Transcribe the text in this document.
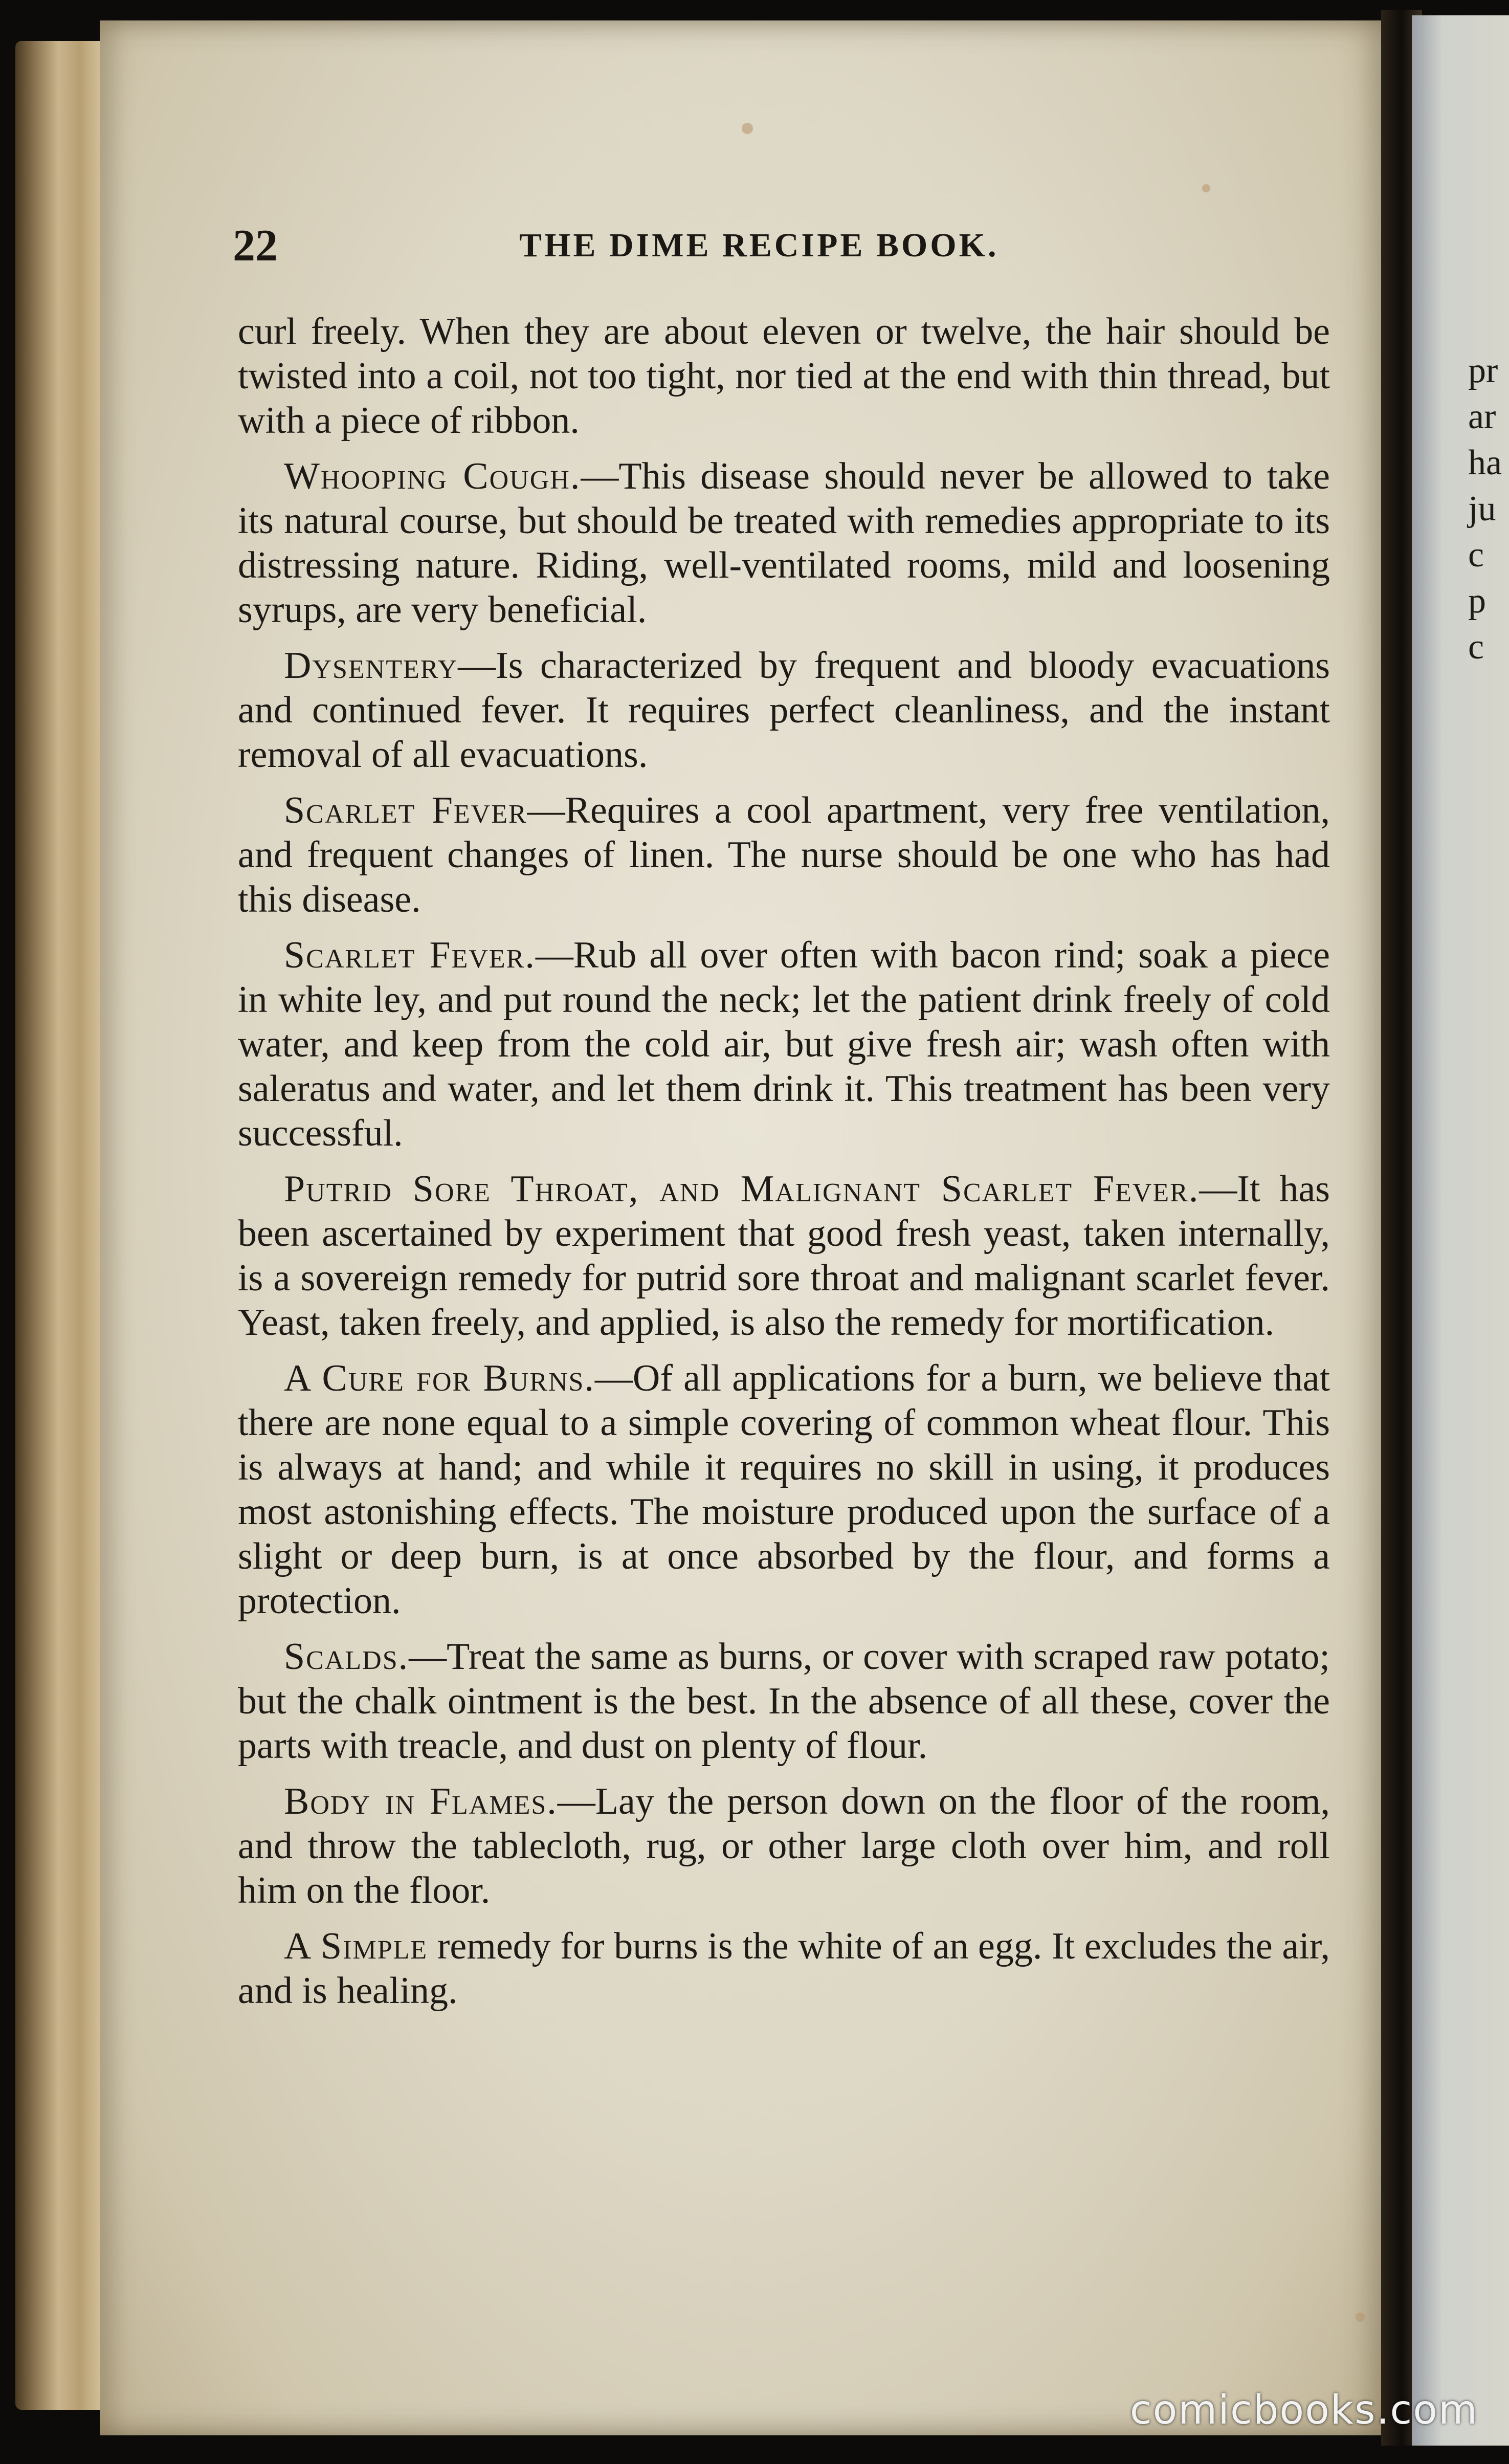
pr
ar
ha
ju
c
p
c
22	THE DIME RECIPE BOOK.

curl freely. When they are about eleven or twelve, the hair should be twisted into a coil, not too tight, nor tied at the end with thin thread, but with a piece of ribbon.

Whooping Cough.—This disease should never be allowed to take its natural course, but should be treated with remedies appropriate to its distressing nature. Riding, well-ventilated rooms, mild and loosening syrups, are very beneficial.

Dysentery—Is characterized by frequent and bloody evacuations and continued fever. It requires perfect cleanliness, and the instant removal of all evacuations.

Scarlet Fever—Requires a cool apartment, very free ventilation, and frequent changes of linen. The nurse should be one who has had this disease.

Scarlet Fever.—Rub all over often with bacon rind; soak a piece in white ley, and put round the neck; let the patient drink freely of cold water, and keep from the cold air, but give fresh air; wash often with saleratus and water, and let them drink it. This treatment has been very successful.

Putrid Sore Throat, and Malignant Scarlet Fever.—It has been ascertained by experiment that good fresh yeast, taken internally, is a sovereign remedy for putrid sore throat and malignant scarlet fever. Yeast, taken freely, and applied, is also the remedy for mortification.

A Cure for Burns.—Of all applications for a burn, we believe that there are none equal to a simple covering of common wheat flour. This is always at hand; and while it requires no skill in using, it produces most astonishing effects. The moisture produced upon the surface of a slight or deep burn, is at once absorbed by the flour, and forms a protection.

Scalds.—Treat the same as burns, or cover with scraped raw potato; but the chalk ointment is the best. In the absence of all these, cover the parts with treacle, and dust on plenty of flour.

Body in Flames.—Lay the person down on the floor of the room, and throw the tablecloth, rug, or other large cloth over him, and roll him on the floor.

A Simple remedy for burns is the white of an egg. It excludes the air, and is healing.

comicbooks.com
